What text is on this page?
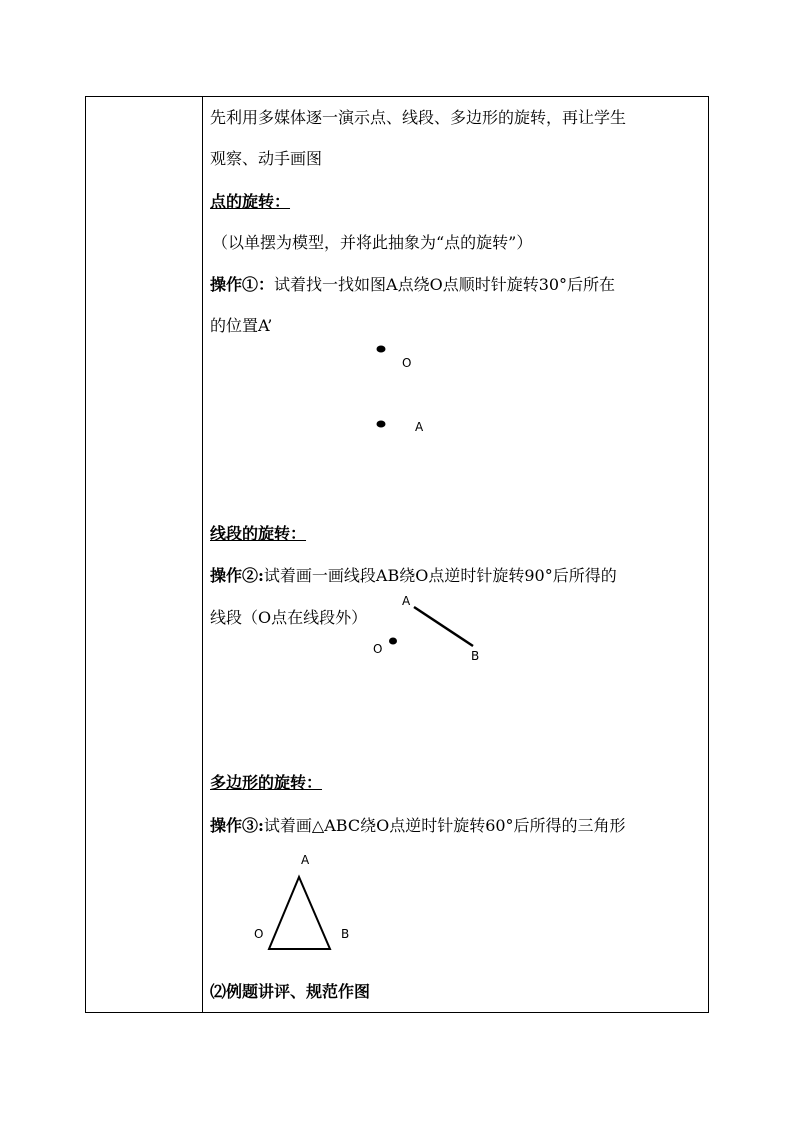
先利用多媒体逐一演示点、线段、多边形的旋转，再让学生
观察、动手画图
点的旋转：
（以单摆为模型，并将此抽象为“点的旋转”）
操作①：试着找一找如图A点绕O点顺时针旋转30°后所在
的位置A’
O
A
A
B
O
A
O	B
线段的旋转：
操作②:试着画一画线段AB绕O点逆时针旋转90°后所得的
线段（O点在线段外）
多边形的旋转：
操作③:试着画△ABC绕O点逆时针旋转60°后所得的三角形
⑵例题讲评、规范作图
